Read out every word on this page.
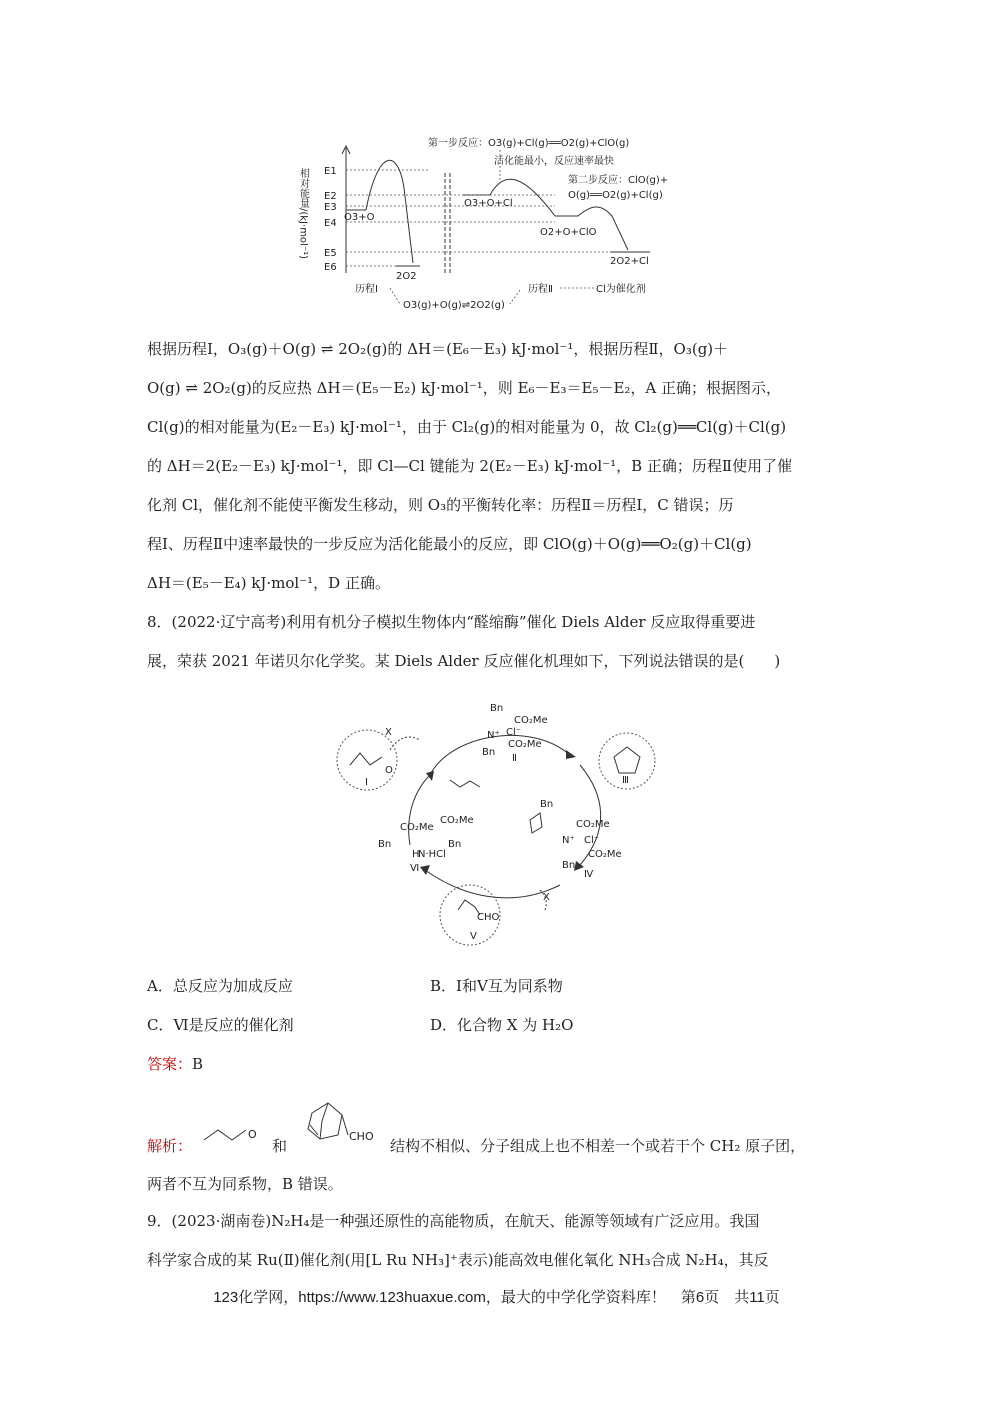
相对能量/(kJ·mol⁻¹) E1
E2
E3
E4
E5
E6
O3+O
2O2
O3+O+Cl
O2+O+ClO
2O2+Cl
第一步反应：O3(g)+Cl(g)══O2(g)+ClO(g)
活化能最小，反应速率最快
第二步反应：ClO(g)+
O(g)══O2(g)+Cl(g)
历程Ⅰ
O3(g)+O(g)⇌2O2(g)
历程Ⅱ	Cl为催化剂
根据历程Ⅰ，O₃(g)＋O(g) ⇌ 2O₂(g)的 ΔH＝(E₆－E₃) kJ·mol⁻¹，根据历程Ⅱ，O₃(g)＋
O(g) ⇌ 2O₂(g)的反应热 ΔH＝(E₅－E₂) kJ·mol⁻¹，则 E₆－E₃＝E₅－E₂，A 正确；根据图示，
Cl(g)的相对能量为(E₂－E₃) kJ·mol⁻¹，由于 Cl₂(g)的相对能量为 0，故 Cl₂(g)══Cl(g)＋Cl(g)
的 ΔH＝2(E₂－E₃) kJ·mol⁻¹，即 Cl—Cl 键能为 2(E₂－E₃) kJ·mol⁻¹，B 正确；历程Ⅱ使用了催
化剂 Cl，催化剂不能使平衡发生移动，则 O₃的平衡转化率：历程Ⅱ＝历程Ⅰ，C 错误；历
程Ⅰ、历程Ⅱ中速率最快的一步反应为活化能最小的反应，即 ClO(g)＋O(g)══O₂(g)＋Cl(g)
ΔH＝(E₅－E₄) kJ·mol⁻¹，D 正确。
8．(2022·辽宁高考)利用有机分子模拟生物体内“醛缩酶”催化 Diels Alder 反应取得重要进
展，荣获 2021 年诺贝尔化学奖。某 Diels Alder 反应催化机理如下，下列说法错误的是(　　)
X
X
O
Ⅰ
Bn
CO₂Me
N⁺ Cl⁻
CO₂Me
Bn
Ⅱ
Ⅲ
Bn
CO₂Me
N⁺ Cl⁻
CO₂Me
Bn
Ⅳ
CO₂Me
CO₂Me
Bn	Bn
N·HCl
H
Ⅵ
CHO
Ⅴ
A．总反应为加成反应	B．Ⅰ和Ⅴ互为同系物
C．Ⅵ是反应的催化剂	D．化合物 X 为 H₂O
答案：B
解析：
O
和
CHO
结构不相似、分子组成上也不相差一个或若干个 CH₂ 原子团，
两者不互为同系物，B 错误。
9．(2023·湖南卷)N₂H₄是一种强还原性的高能物质，在航天、能源等领域有广泛应用。我国
科学家合成的某 Ru(Ⅱ)催化剂(用[L Ru NH₃]⁺表示)能高效电催化氧化 NH₃合成 N₂H₄，其反
123化学网，https://www.123huaxue.com，最大的中学化学资料库！　第6页　共11页
